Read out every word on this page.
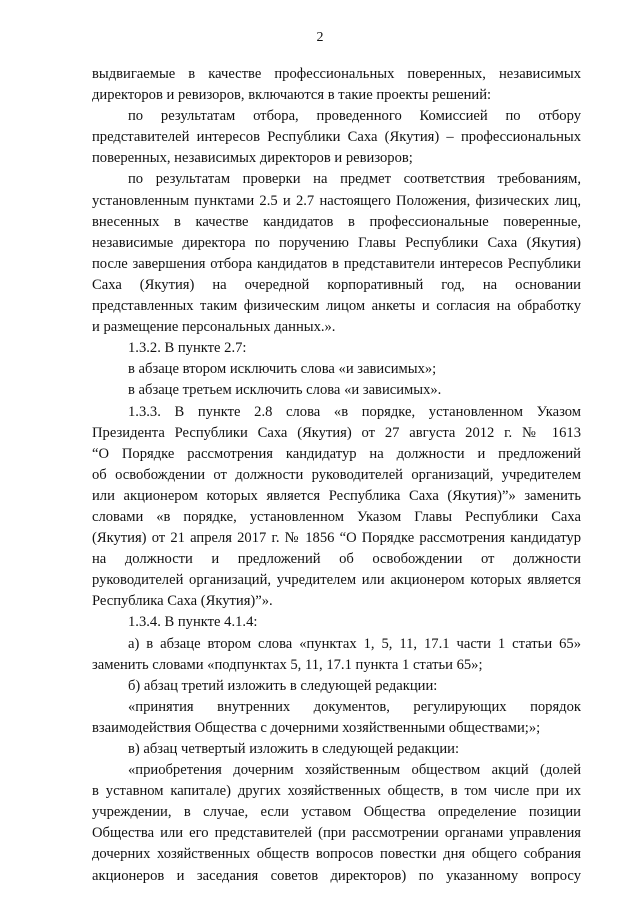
2
выдвигаемые в качестве профессиональных поверенных, независимых
директоров и ревизоров, включаются в такие проекты решений:
по результатам отбора, проведенного Комиссией по отбору
представителей интересов Республики Саха (Якутия) – профессиональных
поверенных, независимых директоров и ревизоров;
по результатам проверки на предмет соответствия требованиям,
установленным пунктами 2.5 и 2.7 настоящего Положения, физических лиц,
внесенных в качестве кандидатов в профессиональные поверенные,
независимые директора по поручению Главы Республики Саха (Якутия)
после завершения отбора кандидатов в представители интересов Республики
Саха (Якутия) на очередной корпоративный год, на основании
представленных таким физическим лицом анкеты и согласия на обработку
и размещение персональных данных.».
1.3.2. В пункте 2.7:
в абзаце втором исключить слова «и зависимых»;
в абзаце третьем исключить слова «и зависимых».
1.3.3. В пункте 2.8 слова «в порядке, установленном Указом
Президента Республики Саха (Якутия) от 27 августа 2012 г. № 1613
“О Порядке рассмотрения кандидатур на должности и предложений
об освобождении от должности руководителей организаций, учредителем
или акционером которых является Республика Саха (Якутия)”» заменить
словами «в порядке, установленном Указом Главы Республики Саха
(Якутия) от 21 апреля 2017 г. № 1856 “О Порядке рассмотрения кандидатур
на должности и предложений об освобождении от должности
руководителей организаций, учредителем или акционером которых является
Республика Саха (Якутия)”».
1.3.4. В пункте 4.1.4:
а) в абзаце втором слова «пунктах 1, 5, 11, 17.1 части 1 статьи 65»
заменить словами «подпунктах 5, 11, 17.1 пункта 1 статьи 65»;
б) абзац третий изложить в следующей редакции:
«принятия внутренних документов, регулирующих порядок
взаимодействия Общества с дочерними хозяйственными обществами;»;
в) абзац четвертый изложить в следующей редакции:
«приобретения дочерним хозяйственным обществом акций (долей
в уставном капитале) других хозяйственных обществ, в том числе при их
учреждении, в случае, если уставом Общества определение позиции
Общества или его представителей (при рассмотрении органами управления
дочерних хозяйственных обществ вопросов повестки дня общего собрания
акционеров и заседания советов директоров) по указанному вопросу
